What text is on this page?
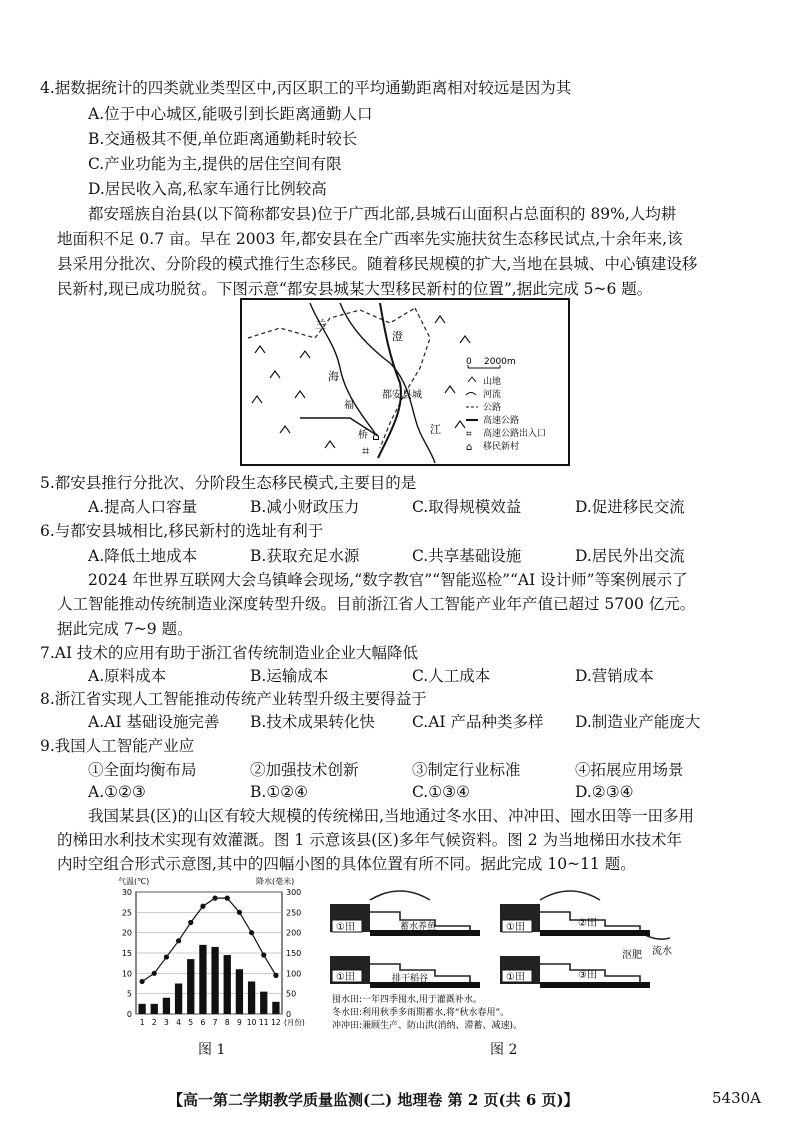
4.据数据统计的四类就业类型区中,丙区职工的平均通勤距离相对较远是因为其
A.位于中心城区,能吸引到长距离通勤人口
B.交通极其不便,单位距离通勤耗时较长
C.产业功能为主,提供的居住空间有限
D.居民收入高,私家车通行比例较高
都安瑶族自治县(以下简称都安县)位于广西北部,县城石山面积占总面积的 89%,人均耕
地面积不足 0.7 亩。早在 2003 年,都安县在全广西率先实施扶贫生态移民试点,十余年来,该
县采用分批次、分阶段的模式推行生态移民。随着移民规模的扩大,当地在县城、中心镇建设移
民新村,现已成功脱贫。下图示意“都安县城某大型移民新村的位置”,据此完成 5~6 题。
⌗
⌂
兰
澄
海
福
都安县城
江
桥
0 2000m
山地
河流
公路
高速公路
⌗ 高速公路出入口
⌂ 移民新村
5.都安县推行分批次、分阶段生态移民模式,主要目的是
A.提高人口容量	B.减小财政压力	C.取得规模效益	D.促进移民交流
6.与都安县城相比,移民新村的选址有利于
A.降低土地成本	B.获取充足水源	C.共享基础设施	D.居民外出交流
2024 年世界互联网大会乌镇峰会现场,“数字教官”“智能巡检”“AI 设计师”等案例展示了
人工智能推动传统制造业深度转型升级。目前浙江省人工智能产业年产值已超过 5700 亿元。
据此完成 7~9 题。
7.AI 技术的应用有助于浙江省传统制造业企业大幅降低
A.原料成本	B.运输成本	C.人工成本	D.营销成本
8.浙江省实现人工智能推动传统产业转型升级主要得益于
A.AI 基础设施完善 B.技术成果转化快 C.AI 产品种类多样 D.制造业产能庞大
9.我国人工智能产业应
①全面均衡布局	②加强技术创新	③制定行业标准	④拓展应用场景
A.①②③	B.①②④	C.①③④	D.②③④
我国某县(区)的山区有较大规模的传统梯田,当地通过冬水田、冲冲田、囤水田等一田多用
的梯田水利技术实现有效灌溉。图 1 示意该县(区)多年气候资料。图 2 为当地梯田水技术年
内时空组合形式示意图,其中的四幅小图的具体位置有所不同。据此完成 10~11 题。
气温(℃)	降水(毫米)
0
5
10
15
20
25
30
0
50
100
150
200
250
300
1 2 3 4 5 6 7 8 9 10 11 12 (月份)
图 1
①田	①田	②田
①田	③田
①田
蓄水养鱼
排干稻谷
沤肥 流水
囤水田:一年四季囤水,用于灌溉补水。
冬水田:利用秋季多雨期蓄水,将“秋水春用”。
冲冲田:兼顾生产、防山洪(消纳、滞蓄、减速)。
图 2
【高一第二学期教学质量监测(二) 地理卷 第 2 页(共 6 页)】	5430A
